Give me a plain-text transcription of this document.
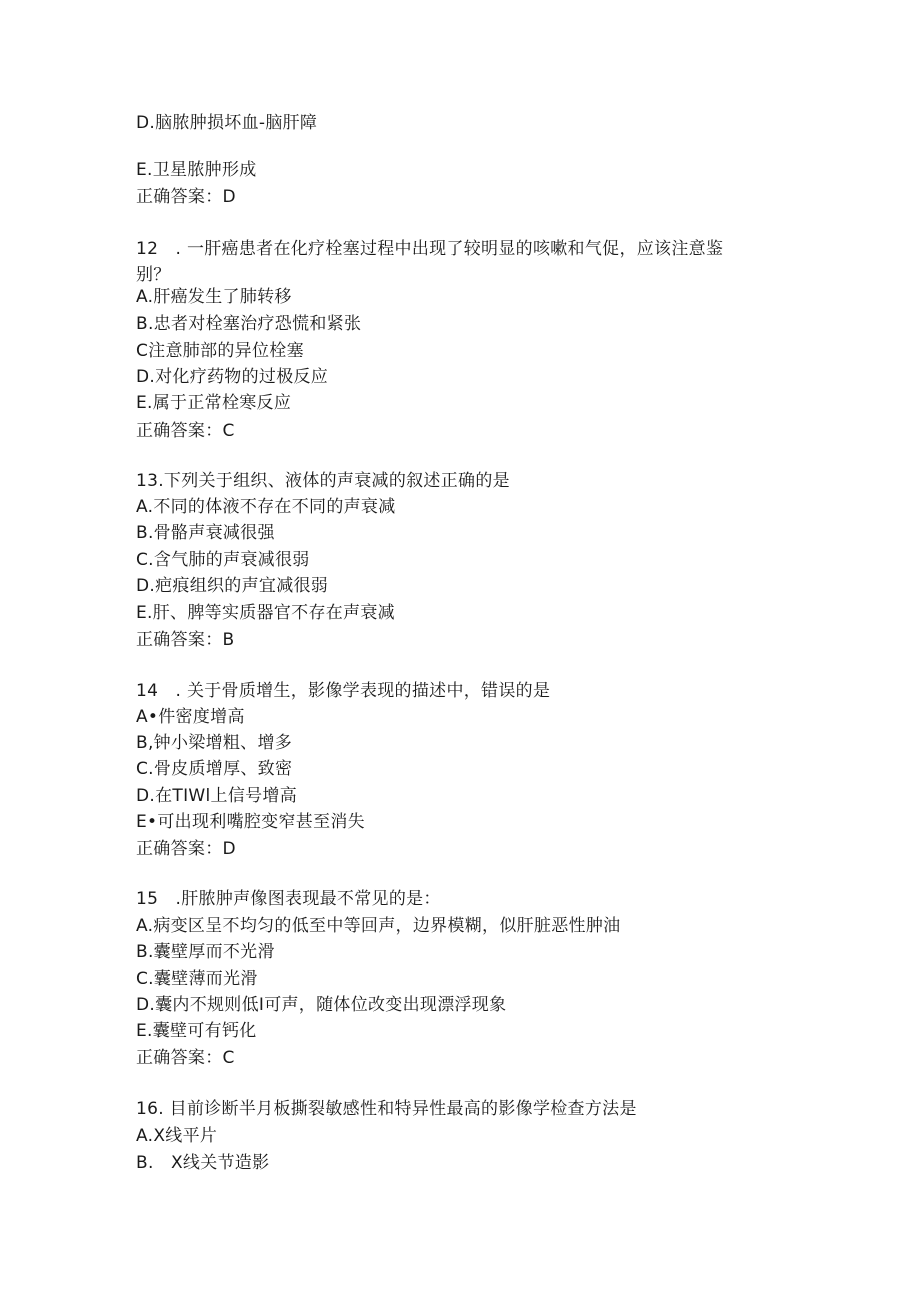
D.脑脓肿损坏血-脑肝障
E.卫星脓肿形成
正确答案：D
12　. 一肝癌患者在化疗栓塞过程中出现了较明显的咳嗽和气促，应该注意鉴
别？
A.肝癌发生了肺转移
B.忠者对栓塞治疗恐慌和紧张
C注意肺部的异位栓塞
D.对化疗药物的过极反应
E.属于正常栓寒反应
正确答案：C
13.下列关于组织、液体的声衰减的叙述正确的是
A.不同的体液不存在不同的声衰减
B.骨骼声衰减很强
C.含气肺的声衰减很弱
D.疤痕组织的声宜减很弱
E.肝、脾等实质器官不存在声衰减
正确答案：B
14　. 关于骨质增生，影像学表现的描述中，错误的是
A•件密度增高
B,钟小梁增粗、增多
C.骨皮质增厚、致密
D.在TIWl上信号增高
E•可出现利嘴腔变窄甚至消失
正确答案：D
15　.肝脓肿声像图表现最不常见的是：
A.病变区呈不均匀的低至中等回声，边界模糊，似肝脏恶性肿油
B.囊壁厚而不光滑
C.囊壁薄而光滑
D.囊内不规则低I可声，随体位改变出现漂浮现象
E.囊壁可有钙化
正确答案：C
16. 目前诊断半月板撕裂敏感性和特异性最高的影像学检查方法是
A.X线平片
B.　X线关节造影
